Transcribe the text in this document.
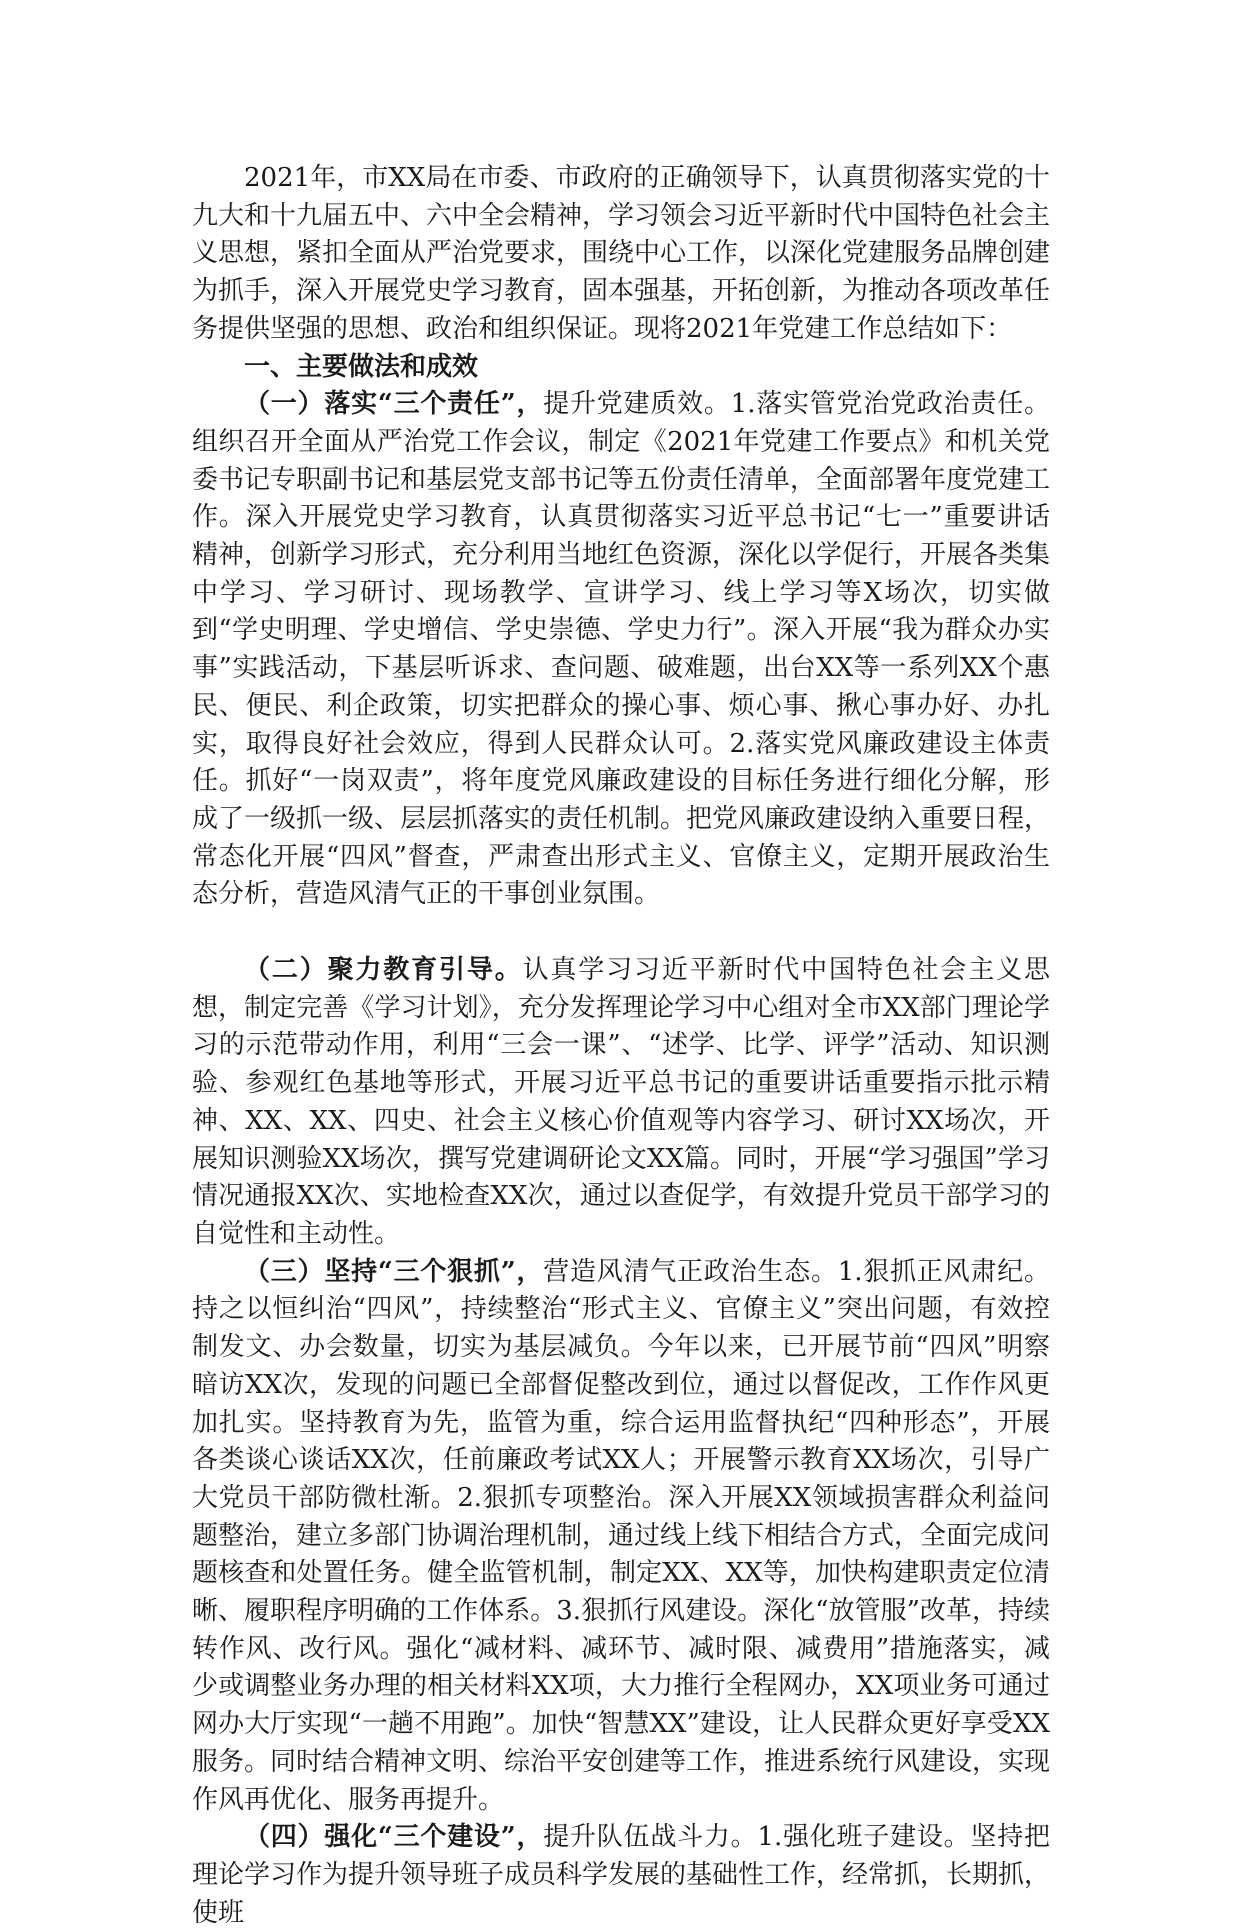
2021年，市XX局在市委、市政府的正确领导下，认真贯彻落实党的十九大和十九届五中、六中全会精神，学习领会习近平新时代中国特色社会主义思想，紧扣全面从严治党要求，围绕中心工作，以深化党建服务品牌创建为抓手，深入开展党史学习教育，固本强基，开拓创新，为推动各项改革任务提供坚强的思想、政治和组织保证。现将2021年党建工作总结如下：

一、主要做法和成效

（一）落实“三个责任”，提升党建质效。1.落实管党治党政治责任。组织召开全面从严治党工作会议，制定《2021年党建工作要点》和机关党委书记专职副书记和基层党支部书记等五份责任清单，全面部署年度党建工作。深入开展党史学习教育，认真贯彻落实习近平总书记“七一”重要讲话精神，创新学习形式，充分利用当地红色资源，深化以学促行，开展各类集中学习、学习研讨、现场教学、宣讲学习、线上学习等X场次，切实做到“学史明理、学史增信、学史崇德、学史力行”。深入开展“我为群众办实事”实践活动，下基层听诉求、查问题、破难题，出台XX等一系列XX个惠民、便民、利企政策，切实把群众的操心事、烦心事、揪心事办好、办扎实，取得良好社会效应，得到人民群众认可。2.落实党风廉政建设主体责任。抓好“一岗双责”，将年度党风廉政建设的目标任务进行细化分解，形成了一级抓一级、层层抓落实的责任机制。把党风廉政建设纳入重要日程，常态化开展“四风”督查，严肃查出形式主义、官僚主义，定期开展政治生态分析，营造风清气正的干事创业氛围。

（二）聚力教育引导。认真学习习近平新时代中国特色社会主义思想，制定完善《学习计划》，充分发挥理论学习中心组对全市XX部门理论学习的示范带动作用，利用“三会一课”、“述学、比学、评学”活动、知识测验、参观红色基地等形式，开展习近平总书记的重要讲话重要指示批示精神、XX、XX、四史、社会主义核心价值观等内容学习、研讨XX场次，开展知识测验XX场次，撰写党建调研论文XX篇。同时，开展“学习强国”学习情况通报XX次、实地检查XX次，通过以查促学，有效提升党员干部学习的自觉性和主动性。

（三）坚持“三个狠抓”，营造风清气正政治生态。1.狠抓正风肃纪。持之以恒纠治“四风”，持续整治“形式主义、官僚主义”突出问题，有效控制发文、办会数量，切实为基层减负。今年以来，已开展节前“四风”明察暗访XX次，发现的问题已全部督促整改到位，通过以督促改，工作作风更加扎实。坚持教育为先，监管为重，综合运用监督执纪“四种形态”，开展各类谈心谈话XX次，任前廉政考试XX人；开展警示教育XX场次，引导广大党员干部防微杜渐。2.狠抓专项整治。深入开展XX领域损害群众利益问题整治，建立多部门协调治理机制，通过线上线下相结合方式，全面完成问题核查和处置任务。健全监管机制，制定XX、XX等，加快构建职责定位清晰、履职程序明确的工作体系。3.狠抓行风建设。深化“放管服”改革，持续转作风、改行风。强化“减材料、减环节、减时限、减费用”措施落实，减少或调整业务办理的相关材料XX项，大力推行全程网办，XX项业务可通过网办大厅实现“一趟不用跑”。加快“智慧XX”建设，让人民群众更好享受XX服务。同时结合精神文明、综治平安创建等工作，推进系统行风建设，实现作风再优化、服务再提升。

（四）强化“三个建设”，提升队伍战斗力。1.强化班子建设。坚持把理论学习作为提升领导班子成员科学发展的基础性工作，经常抓，长期抓，使班
